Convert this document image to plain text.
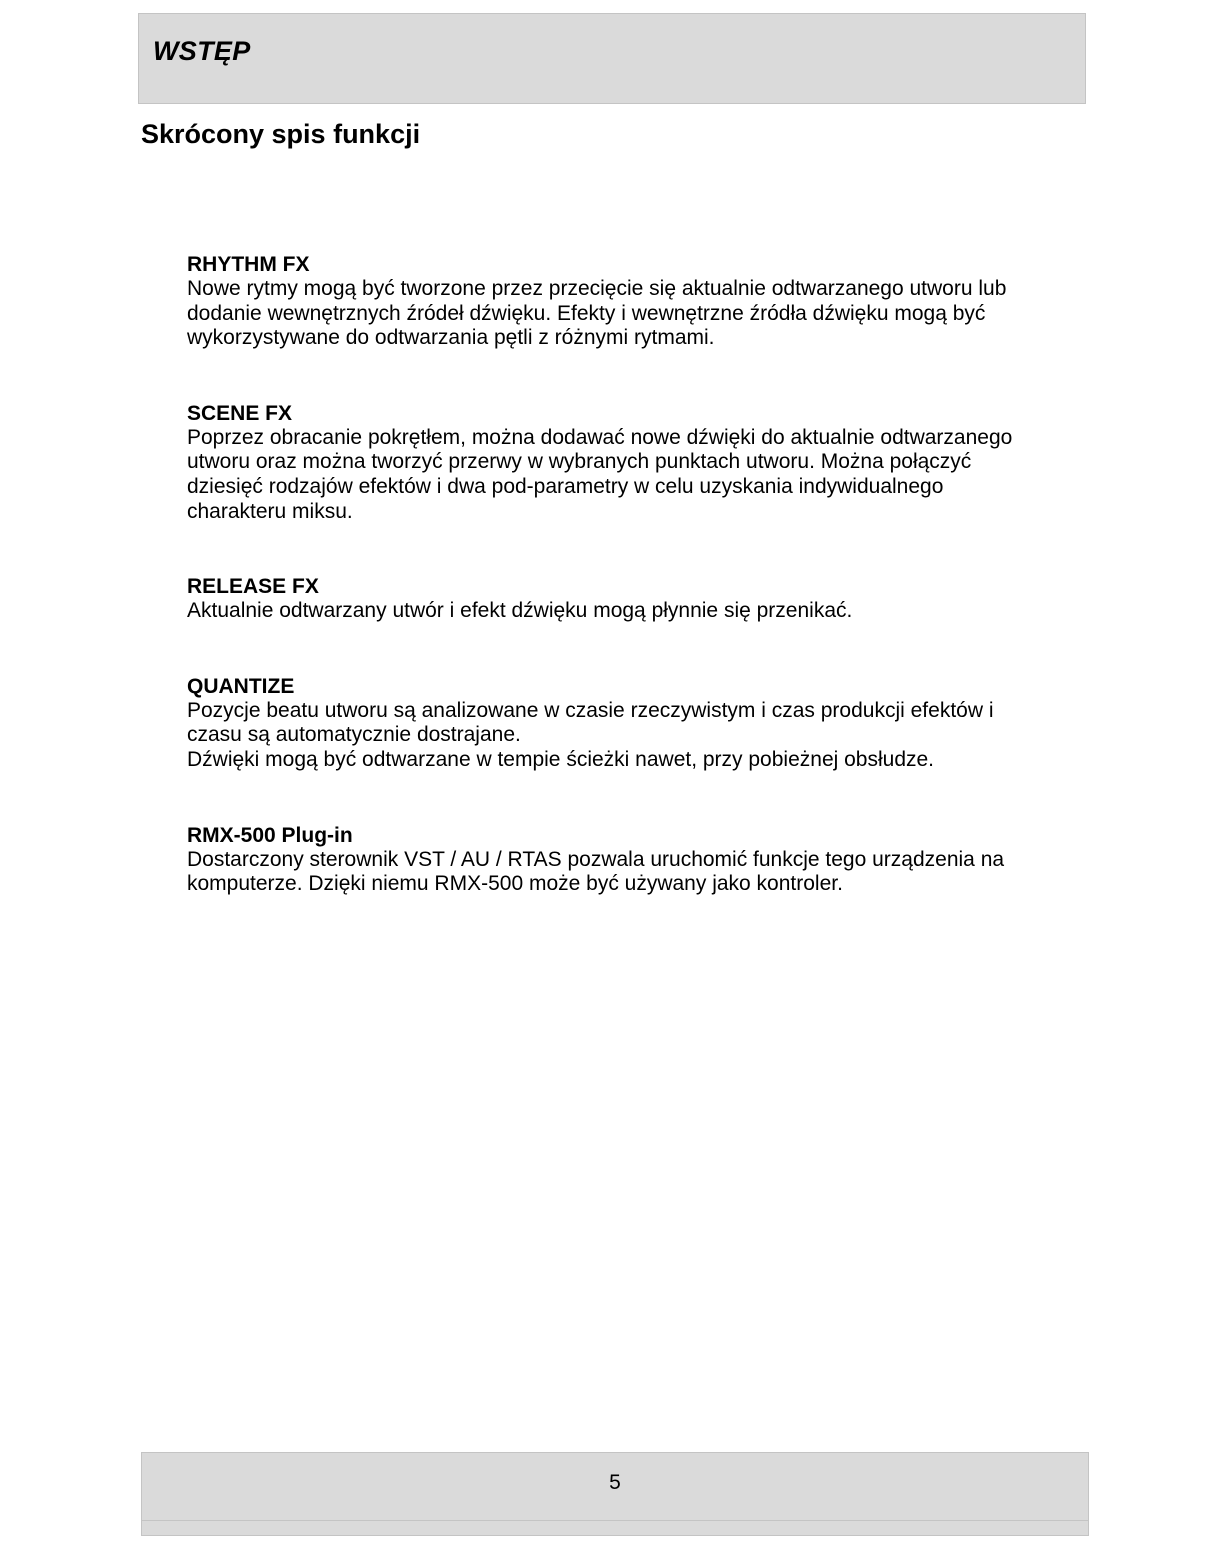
WSTĘP
Skrócony spis funkcji

RHYTHM FX

Nowe rytmy mogą być tworzone przez przecięcie się aktualnie odtwarzanego utworu lub
dodanie wewnętrznych źródeł dźwięku. Efekty i wewnętrzne źródła dźwięku mogą być
wykorzystywane do odtwarzania pętli z różnymi rytmami.

SCENE FX

Poprzez obracanie pokrętłem, można dodawać nowe dźwięki do aktualnie odtwarzanego
utworu oraz można tworzyć przerwy w wybranych punktach utworu. Można połączyć
dziesięć rodzajów efektów i dwa pod-parametry w celu uzyskania indywidualnego
charakteru miksu.

RELEASE FX

Aktualnie odtwarzany utwór i efekt dźwięku mogą płynnie się przenikać.

QUANTIZE

Pozycje beatu utworu są analizowane w czasie rzeczywistym i czas produkcji efektów i
czasu są automatycznie dostrajane.
Dźwięki mogą być odtwarzane w tempie ścieżki nawet, przy pobieżnej obsłudze.

RMX-500 Plug-in

Dostarczony sterownik VST / AU / RTAS pozwala uruchomić funkcje tego urządzenia na
komputerze. Dzięki niemu RMX-500 może być używany jako kontroler.

5
